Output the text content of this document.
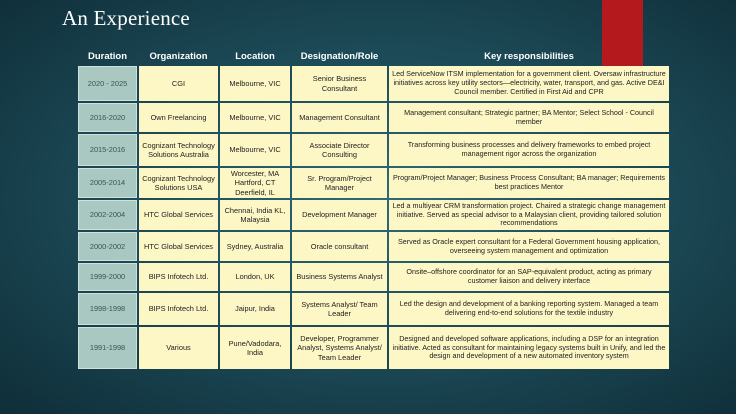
An Experience
Duration	Organization	Location	Designation/Role	Key responsibilities
2020 - 2025	CGI	Melbourne, VIC	Senior Business Consultant	Led ServiceNow ITSM implementation for a government client. Oversaw infrastructure initiatives across key utility sectors—electricity, water, transport, and gas. Active DE&I Council member. Certified in First Aid and CPR
2016-2020	Own Freelancing	Melbourne, VIC	Management Consultant	Management consultant; Strategic partner; BA Mentor; Select School - Council member
2015-2016	Cognizant Technology Solutions Australia	Melbourne, VIC	Associate Director Consulting	Transforming business processes and delivery frameworks to embed project management rigor across the organization
2005-2014	Cognizant Technology Solutions USA	Worcester, MA Hartford, CT Deerfield, IL	Sr. Program/Project Manager	Program/Project Manager; Business Process Consultant; BA manager; Requirements best practices Mentor
2002-2004	HTC Global Services	Chennai, India KL, Malaysia	Development Manager	Led a multiyear CRM transformation project. Chaired a strategic change management initiative. Served as special advisor to a Malaysian client, providing tailored solution recommendations
2000-2002	HTC Global Services	Sydney, Australia	Oracle consultant	Served as Oracle expert consultant for a Federal Government housing application, overseeing system management and optimization
1999-2000	BIPS Infotech Ltd.	London, UK	Business Systems Analyst	Onsite–offshore coordinator for an SAP-equivalent product, acting as primary customer liaison and delivery interface
1998-1998	BIPS Infotech Ltd.	Jaipur, India	Systems Analyst/ Team Leader	Led the design and development of a banking reporting system. Managed a team delivering end-to-end solutions for the textile industry
1991-1998	Various	Pune/Vadodara, India	Developer, Programmer Analyst, Systems Analyst/ Team Leader	Designed and developed software applications, including a DSP for an integration initiative. Acted as consultant for maintaining legacy systems built in Unify, and led the design and development of a new automated inventory system
